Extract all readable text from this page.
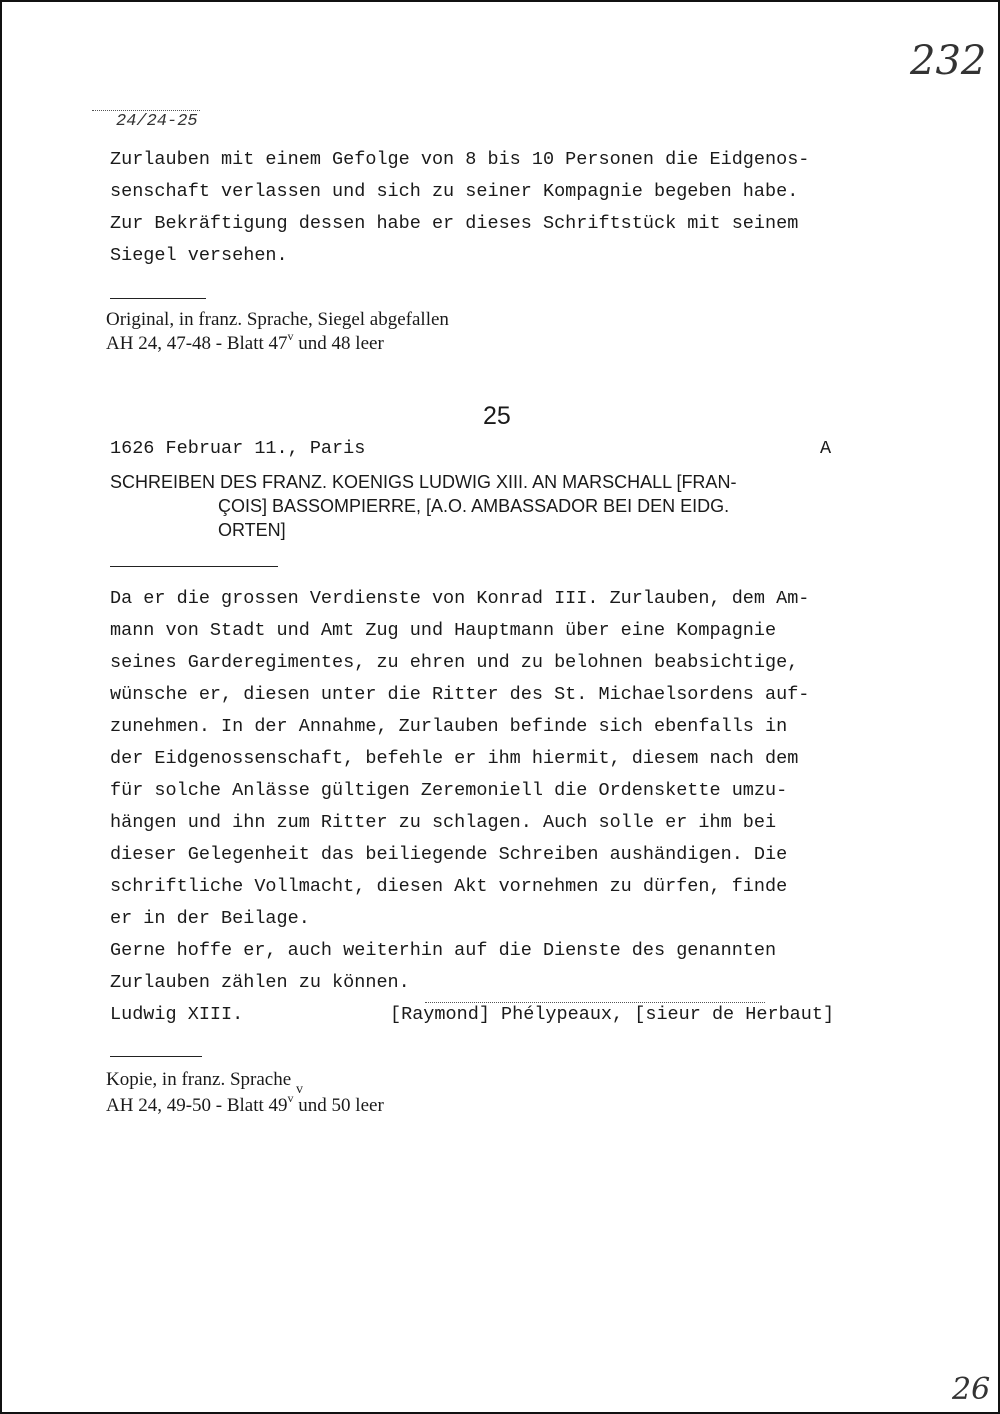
232
24/24-25
Zurlauben mit einem Gefolge von 8 bis 10 Personen die Eidgenos-
senschaft verlassen und sich zu seiner Kompagnie begeben habe.
Zur Bekräftigung dessen habe er dieses Schriftstück mit seinem
Siegel versehen.
Original, in franz. Sprache, Siegel abgefallen
AH 24, 47-48 - Blatt 47$^v$ und 48 leer
25
1626 Februar 11., Paris	A
SCHREIBEN DES FRANZ. KOENIGS LUDWIG XIII. AN MARSCHALL [FRAN-
ÇOIS] BASSOMPIERRE, [A.O. AMBASSADOR BEI DEN EIDG.
ORTEN]
Da er die grossen Verdienste von Konrad III. Zurlauben, dem Am-
mann von Stadt und Amt Zug und Hauptmann über eine Kompagnie
seines Garderegimentes, zu ehren und zu belohnen beabsichtige,
wünsche er, diesen unter die Ritter des St. Michaelsordens auf-
zunehmen. In der Annahme, Zurlauben befinde sich ebenfalls in
der Eidgenossenschaft, befehle er ihm hiermit, diesem nach dem
für solche Anlässe gültigen Zeremoniell die Ordenskette umzu-
hängen und ihn zum Ritter zu schlagen. Auch solle er ihm bei
dieser Gelegenheit das beiliegende Schreiben aushändigen. Die
schriftliche Vollmacht, diesen Akt vornehmen zu dürfen, finde
er in der Beilage.
Gerne hoffe er, auch weiterhin auf die Dienste des genannten
Zurlauben zählen zu können.
Ludwig XIII.	[Raymond] Phélypeaux, [sieur de Herbaut]
Kopie, in franz. Sprache $_v$
AH 24, 49-50 - Blatt 49$^v$ und 50 leer
26
